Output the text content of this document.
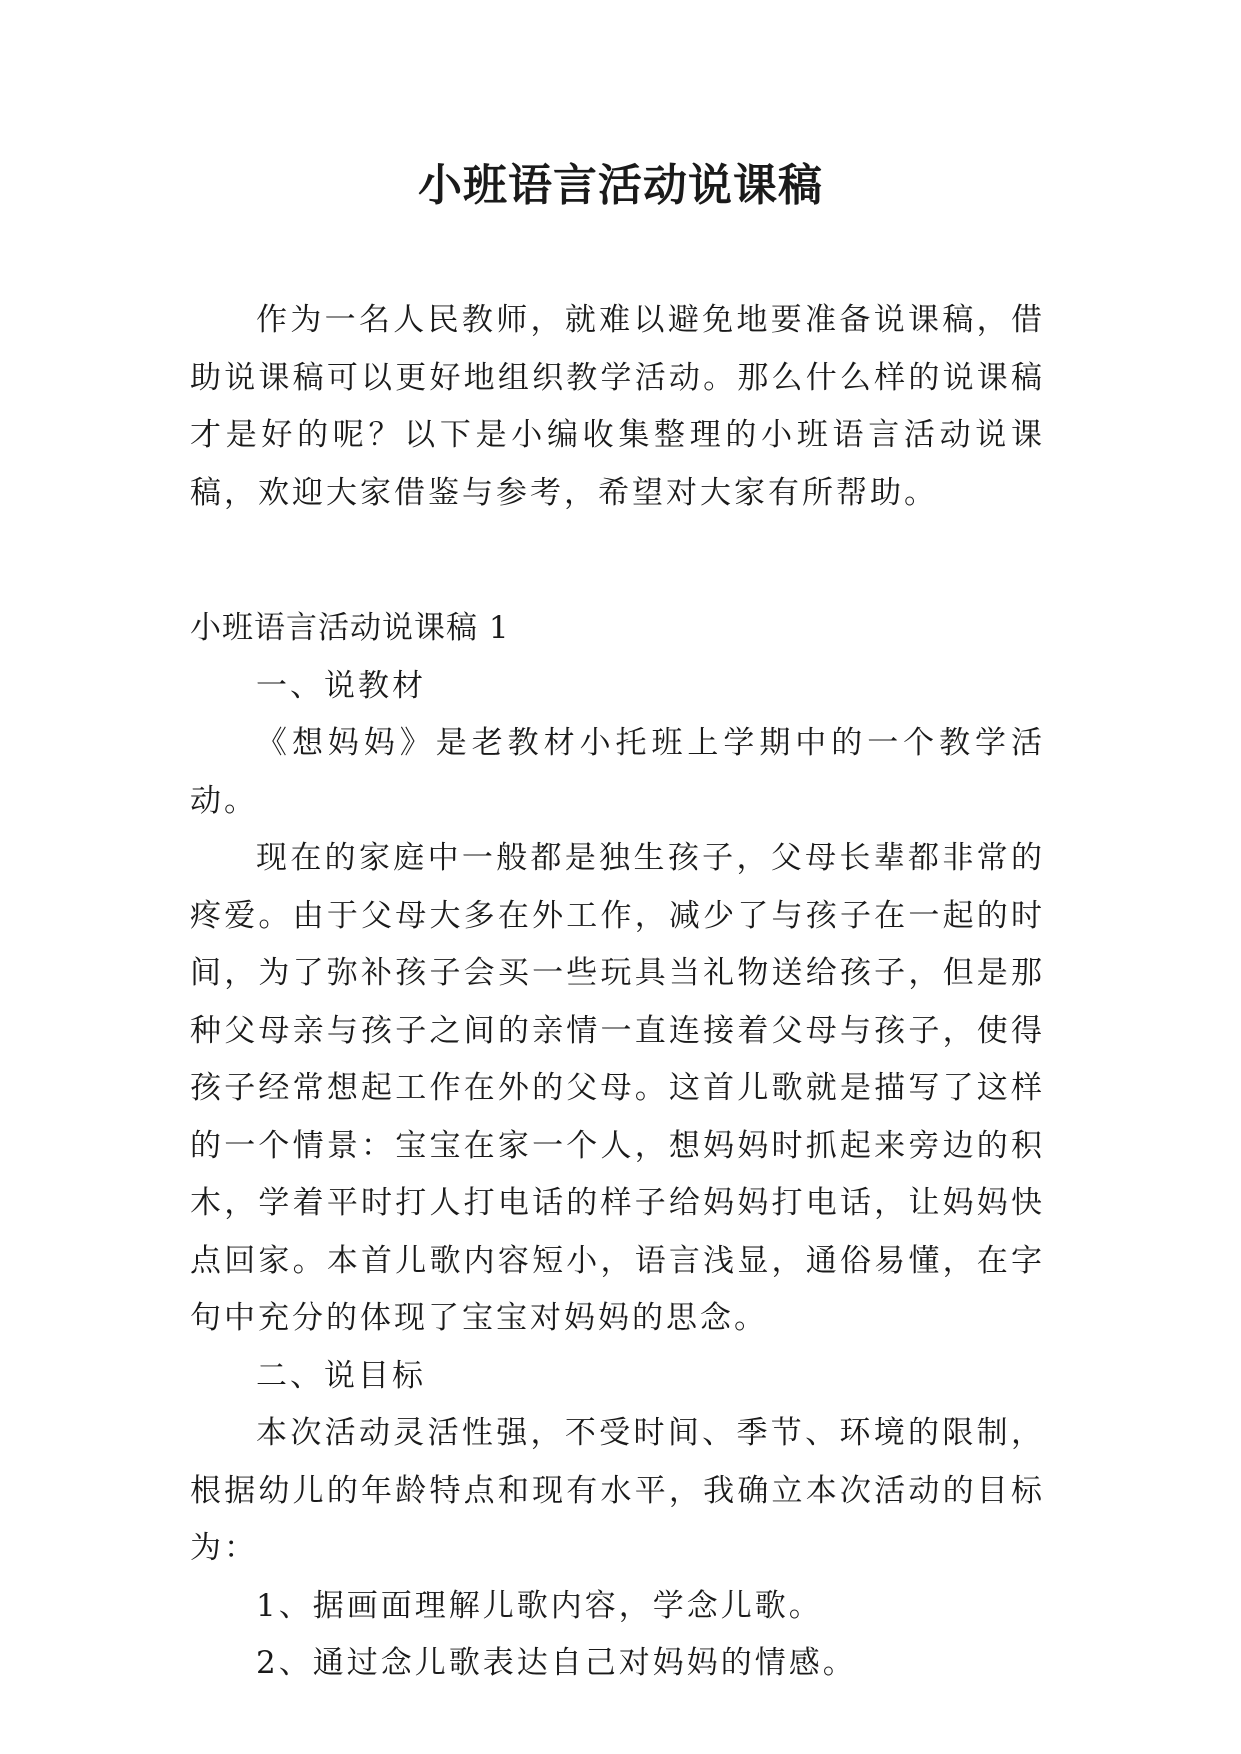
小班语言活动说课稿

作为一名人民教师，就难以避免地要准备说课稿，借助说课稿可以更好地组织教学活动。那么什么样的说课稿才是好的呢？以下是小编收集整理的小班语言活动说课稿，欢迎大家借鉴与参考，希望对大家有所帮助。

小班语言活动说课稿 1

一、说教材

《想妈妈》是老教材小托班上学期中的一个教学活动。

现在的家庭中一般都是独生孩子，父母长辈都非常的疼爱。由于父母大多在外工作，减少了与孩子在一起的时间，为了弥补孩子会买一些玩具当礼物送给孩子，但是那种父母亲与孩子之间的亲情一直连接着父母与孩子，使得孩子经常想起工作在外的父母。这首儿歌就是描写了这样的一个情景：宝宝在家一个人，想妈妈时抓起来旁边的积木，学着平时打人打电话的样子给妈妈打电话，让妈妈快点回家。本首儿歌内容短小，语言浅显，通俗易懂，在字句中充分的体现了宝宝对妈妈的思念。

二、说目标

本次活动灵活性强，不受时间、季节、环境的限制，根据幼儿的年龄特点和现有水平，我确立本次活动的目标为：

1、据画面理解儿歌内容，学念儿歌。

2、通过念儿歌表达自己对妈妈的情感。
